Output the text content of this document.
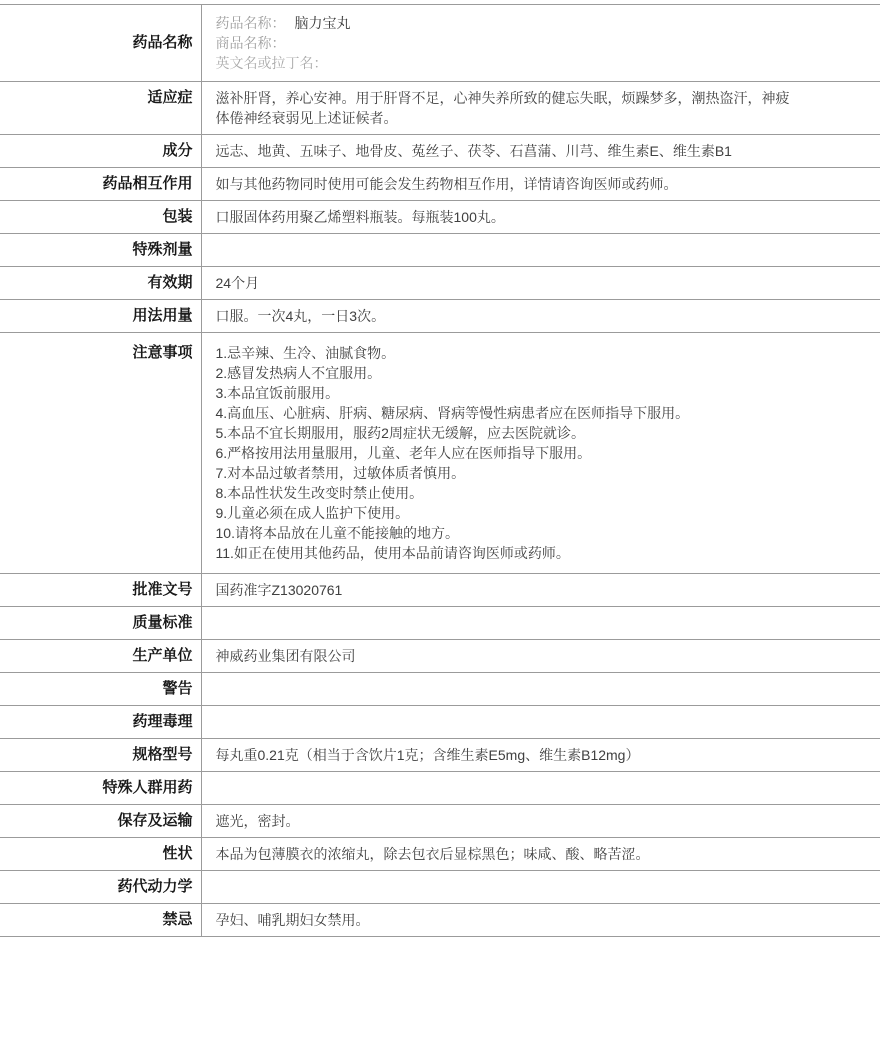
药品名称	药品名称： 脑力宝丸
商品名称：
英文名或拉丁名：

适应症	滋补肝肾，养心安神。用于肝肾不足，心神失养所致的健忘失眠，烦躁梦多，潮热盗汗，神疲体倦神经衰弱见上述证候者。

成分	远志、地黄、五味子、地骨皮、菟丝子、茯苓、石菖蒲、川芎、维生素E、维生素B1

药品相互作用	如与其他药物同时使用可能会发生药物相互作用，详情请咨询医师或药师。

包装	口服固体药用聚乙烯塑料瓶装。每瓶装100丸。

特殊剂量	

有效期	24个月

用法用量	口服。一次4丸，一日3次。

注意事项	1.忌辛辣、生冷、油腻食物。
2.感冒发热病人不宜服用。
3.本品宜饭前服用。
4.高血压、心脏病、肝病、糖尿病、肾病等慢性病患者应在医师指导下服用。
5.本品不宜长期服用，服药2周症状无缓解，应去医院就诊。
6.严格按用法用量服用，儿童、老年人应在医师指导下服用。
7.对本品过敏者禁用，过敏体质者慎用。
8.本品性状发生改变时禁止使用。
9.儿童必须在成人监护下使用。
10.请将本品放在儿童不能接触的地方。
11.如正在使用其他药品，使用本品前请咨询医师或药师。

批准文号	国药准字Z13020761

质量标准	

生产单位	神威药业集团有限公司

警告	

药理毒理	

规格型号	每丸重0.21克（相当于含饮片1克；含维生素E5mg、维生素B12mg）

特殊人群用药	

保存及运输	遮光，密封。

性状	本品为包薄膜衣的浓缩丸，除去包衣后显棕黑色；味咸、酸、略苦涩。

药代动力学	

禁忌	孕妇、哺乳期妇女禁用。
